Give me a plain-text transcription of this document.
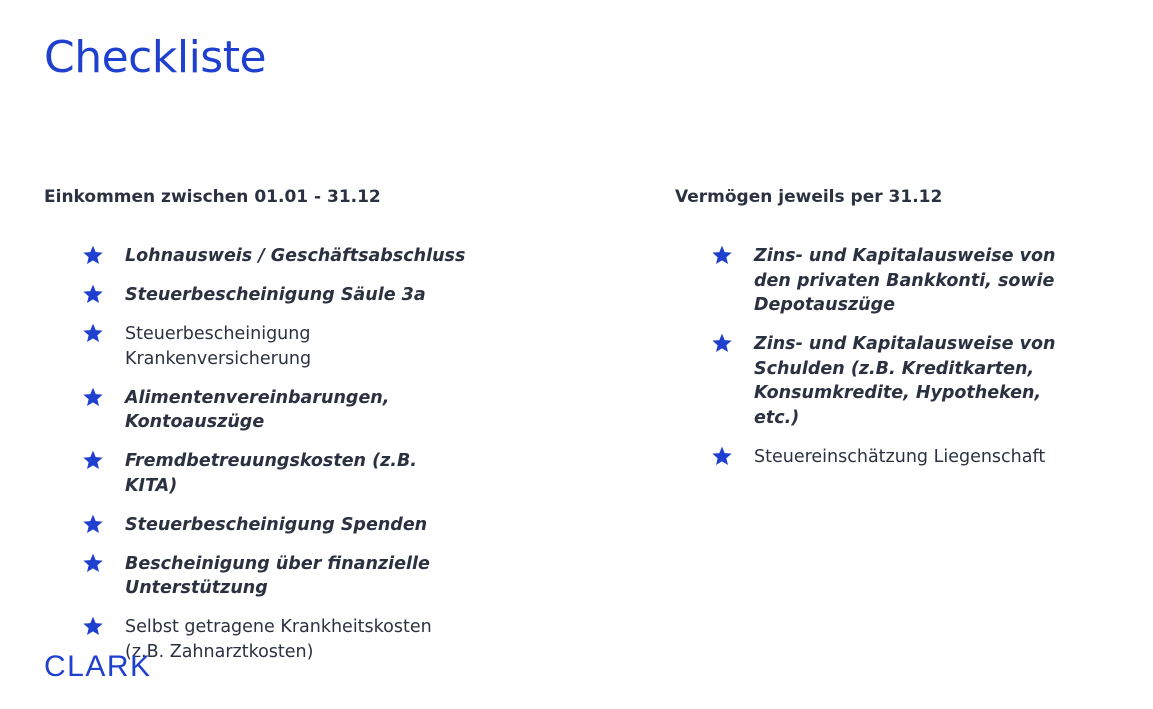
Checkliste
Einkommen zwischen 01.01 - 31.12
Lohnausweis / Geschäftsabschluss
Steuerbescheinigung Säule 3a
Steuerbescheinigung Krankenversicherung
Alimentenvereinbarungen, Kontoauszüge
Fremdbetreuungskosten (z.B. KITA)
Steuerbescheinigung Spenden
Bescheinigung über finanzielle Unterstützung
Selbst getragene Krankheitskosten (z.B. Zahnarztkosten)
Vermögen jeweils per 31.12
Zins- und Kapitalausweise von den privaten Bankkonti, sowie Depotauszüge
Zins- und Kapitalausweise von Schulden (z.B. Kreditkarten, Konsumkredite, Hypotheken, etc.)
Steuereinschätzung Liegenschaft
CLARK
